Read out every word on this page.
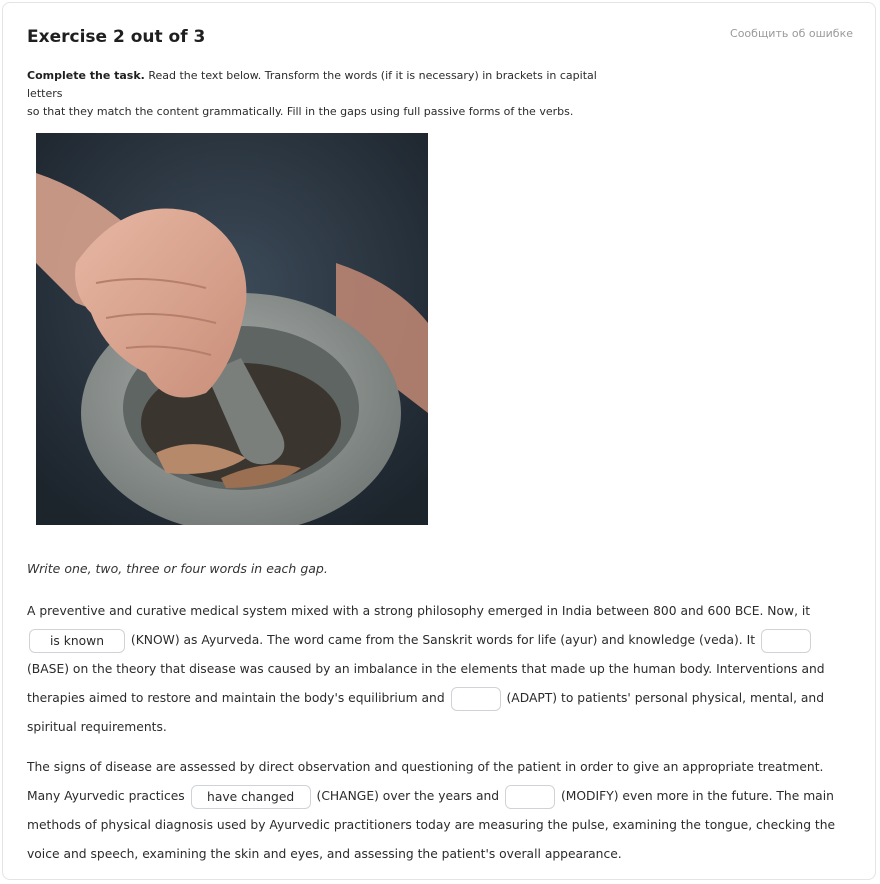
Exercise 2 out of 3	Сообщить об ошибке
Complete the task. Read the text below. Transform the words (if it is necessary) in brackets in capital letters
so that they match the content grammatically. Fill in the gaps using full passive forms of the verbs.
Write one, two, three or four words in each gap.
A preventive and curative medical system mixed with a strong philosophy emerged in India between 800 and 600 BCE. Now, it is known (KNOW) as Ayurveda. The word came from the Sanskrit words for life (ayur) and knowledge (veda). It  (BASE) on the theory that disease was caused by an imbalance in the elements that made up the human body. Interventions and therapies aimed to restore and maintain the body's equilibrium and	(ADAPT) to patients' personal physical, mental, and spiritual requirements.
The signs of disease are assessed by direct observation and questioning of the patient in order to give an appropriate treatment. Many Ayurvedic practices have changed (CHANGE) over the years and	(MODIFY) even more in the future. The main methods of physical diagnosis used by Ayurvedic practitioners today are measuring the pulse, examining the tongue, checking the voice and speech, examining the skin and eyes, and assessing the patient's overall appearance.
